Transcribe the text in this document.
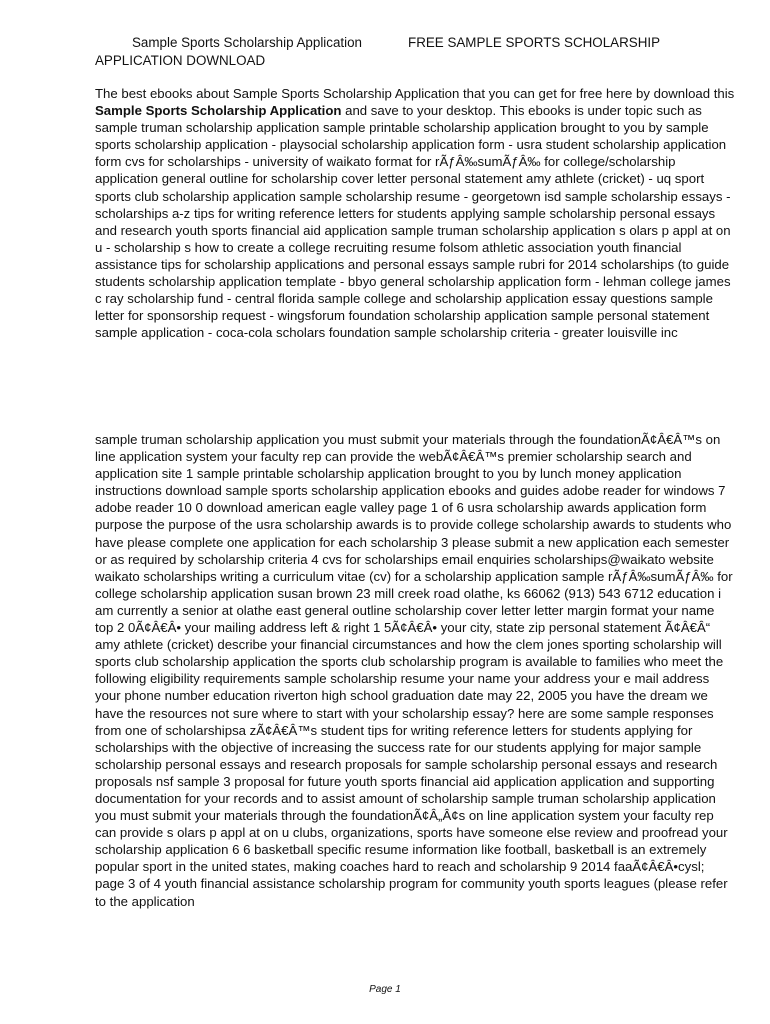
Sample Sports Scholarship Application	FREE SAMPLE SPORTS SCHOLARSHIP APPLICATION DOWNLOAD
The best ebooks about Sample Sports Scholarship Application that you can get for free here by download this Sample Sports Scholarship Application and save to your desktop. This ebooks is under topic such as sample truman scholarship application sample printable scholarship application brought to you by sample sports scholarship application - playsocial scholarship application form - usra student scholarship application form cvs for scholarships - university of waikato format for rÃƒÂ‰sumÃƒÂ‰ for college/scholarship application general outline for scholarship cover letter personal statement amy athlete (cricket) - uq sport sports club scholarship application sample scholarship resume - georgetown isd sample scholarship essays - scholarships a-z tips for writing reference letters for students applying sample scholarship personal essays and research youth sports financial aid application sample truman scholarship application s olars p appl at on u - scholarship s how to create a college recruiting resume folsom athletic association youth financial assistance tips for scholarship applications and personal essays sample rubri for 2014 scholarships (to guide students scholarship application template - bbyo general scholarship application form - lehman college james c ray scholarship fund - central florida sample college and scholarship application essay questions sample letter for sponsorship request - wingsforum foundation scholarship application sample personal statement sample application - coca-cola scholars foundation sample scholarship criteria - greater louisville inc
sample truman scholarship application you must submit your materials through the foundationÃ¢Â€Â™s on line application system your faculty rep can provide the webÃ¢Â€Â™s premier scholarship search and application site 1 sample printable scholarship application brought to you by lunch money application instructions download sample sports scholarship application ebooks and guides adobe reader for windows 7 adobe reader 10 0 download american eagle valley page 1 of 6 usra scholarship awards application form purpose the purpose of the usra scholarship awards is to provide college scholarship awards to students who have please complete one application for each scholarship 3 please submit a new application each semester or as required by scholarship criteria 4 cvs for scholarships email enquiries scholarships@waikato website waikato scholarships writing a curriculum vitae (cv) for a scholarship application sample rÃƒÂ‰sumÃƒÂ‰ for college scholarship application susan brown 23 mill creek road olathe, ks 66062 (913) 543 6712 education i am currently a senior at olathe east general outline scholarship cover letter letter margin format your name top 2 0Ã¢Â€Â• your mailing address left & right 1 5Ã¢Â€Â• your city, state zip personal statement Ã¢Â€Â“ amy athlete (cricket) describe your financial circumstances and how the clem jones sporting scholarship will sports club scholarship application the sports club scholarship program is available to families who meet the following eligibility requirements sample scholarship resume your name your address your e mail address your phone number education riverton high school graduation date may 22, 2005 you have the dream we have the resources not sure where to start with your scholarship essay? here are some sample responses from one of scholarshipsa zÃ¢Â€Â™s student tips for writing reference letters for students applying for scholarships with the objective of increasing the success rate for our students applying for major sample scholarship personal essays and research proposals for sample scholarship personal essays and research proposals nsf sample 3 proposal for future youth sports financial aid application application and supporting documentation for your records and to assist amount of scholarship sample truman scholarship application you must submit your materials through the foundationÃ¢Â„Â¢s on line application system your faculty rep can provide s olars p appl at on u clubs, organizations, sports have someone else review and proofread your scholarship application 6 6 basketball specific resume information like football, basketball is an extremely popular sport in the united states, making coaches hard to reach and scholarship 9 2014 faaÃ¢Â€Â•cysl; page 3 of 4 youth financial assistance scholarship program for community youth sports leagues (please refer to the application
Page 1
